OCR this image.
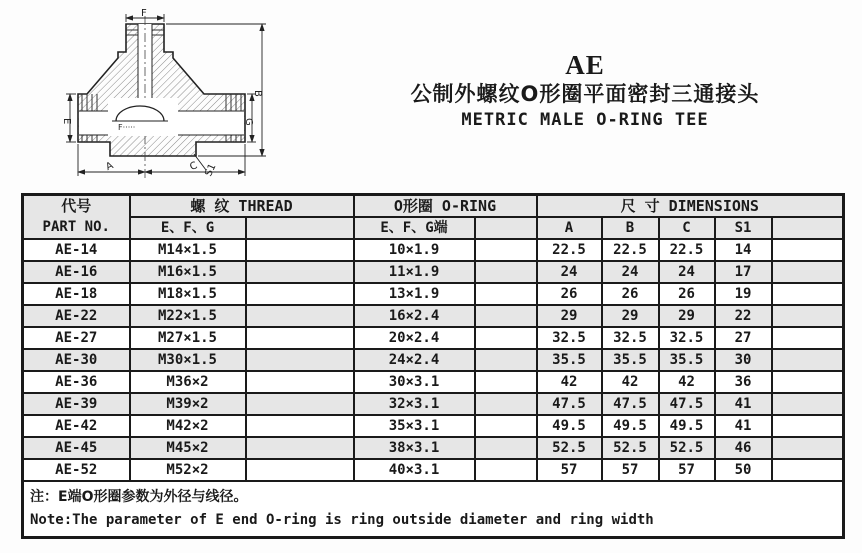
F·····
F
B
G
E
S1
A	C
AE
公制外螺纹O形圈平面密封三通接头
METRIC MALE O-RING TEE
代号
PART NO.	螺 纹 THREAD		O形圈 O-RING		尺 寸 DIMENSIONS				
	E、F、G		E、F、G端		A	B	C	S1	
AE-14	M14×1.5		10×1.9		22.5	22.5	22.5	14	
AE-16	M16×1.5		11×1.9		24	24	24	17	
AE-18	M18×1.5		13×1.9		26	26	26	19	
AE-22	M22×1.5		16×2.4		29	29	29	22	
AE-27	M27×1.5		20×2.4		32.5	32.5	32.5	27	
AE-30	M30×1.5		24×2.4		35.5	35.5	35.5	30	
AE-36	M36×2		30×3.1		42	42	42	36	
AE-39	M39×2		32×3.1		47.5	47.5	47.5	41	
AE-42	M42×2		35×3.1		49.5	49.5	49.5	41	
AE-45	M45×2		38×3.1		52.5	52.5	52.5	46	
AE-52	M52×2		40×3.1		57	57	57	50	

注：E端O形圈参数为外径与线径。
Note:The parameter of E end O-ring is ring outside diameter and ring width									
